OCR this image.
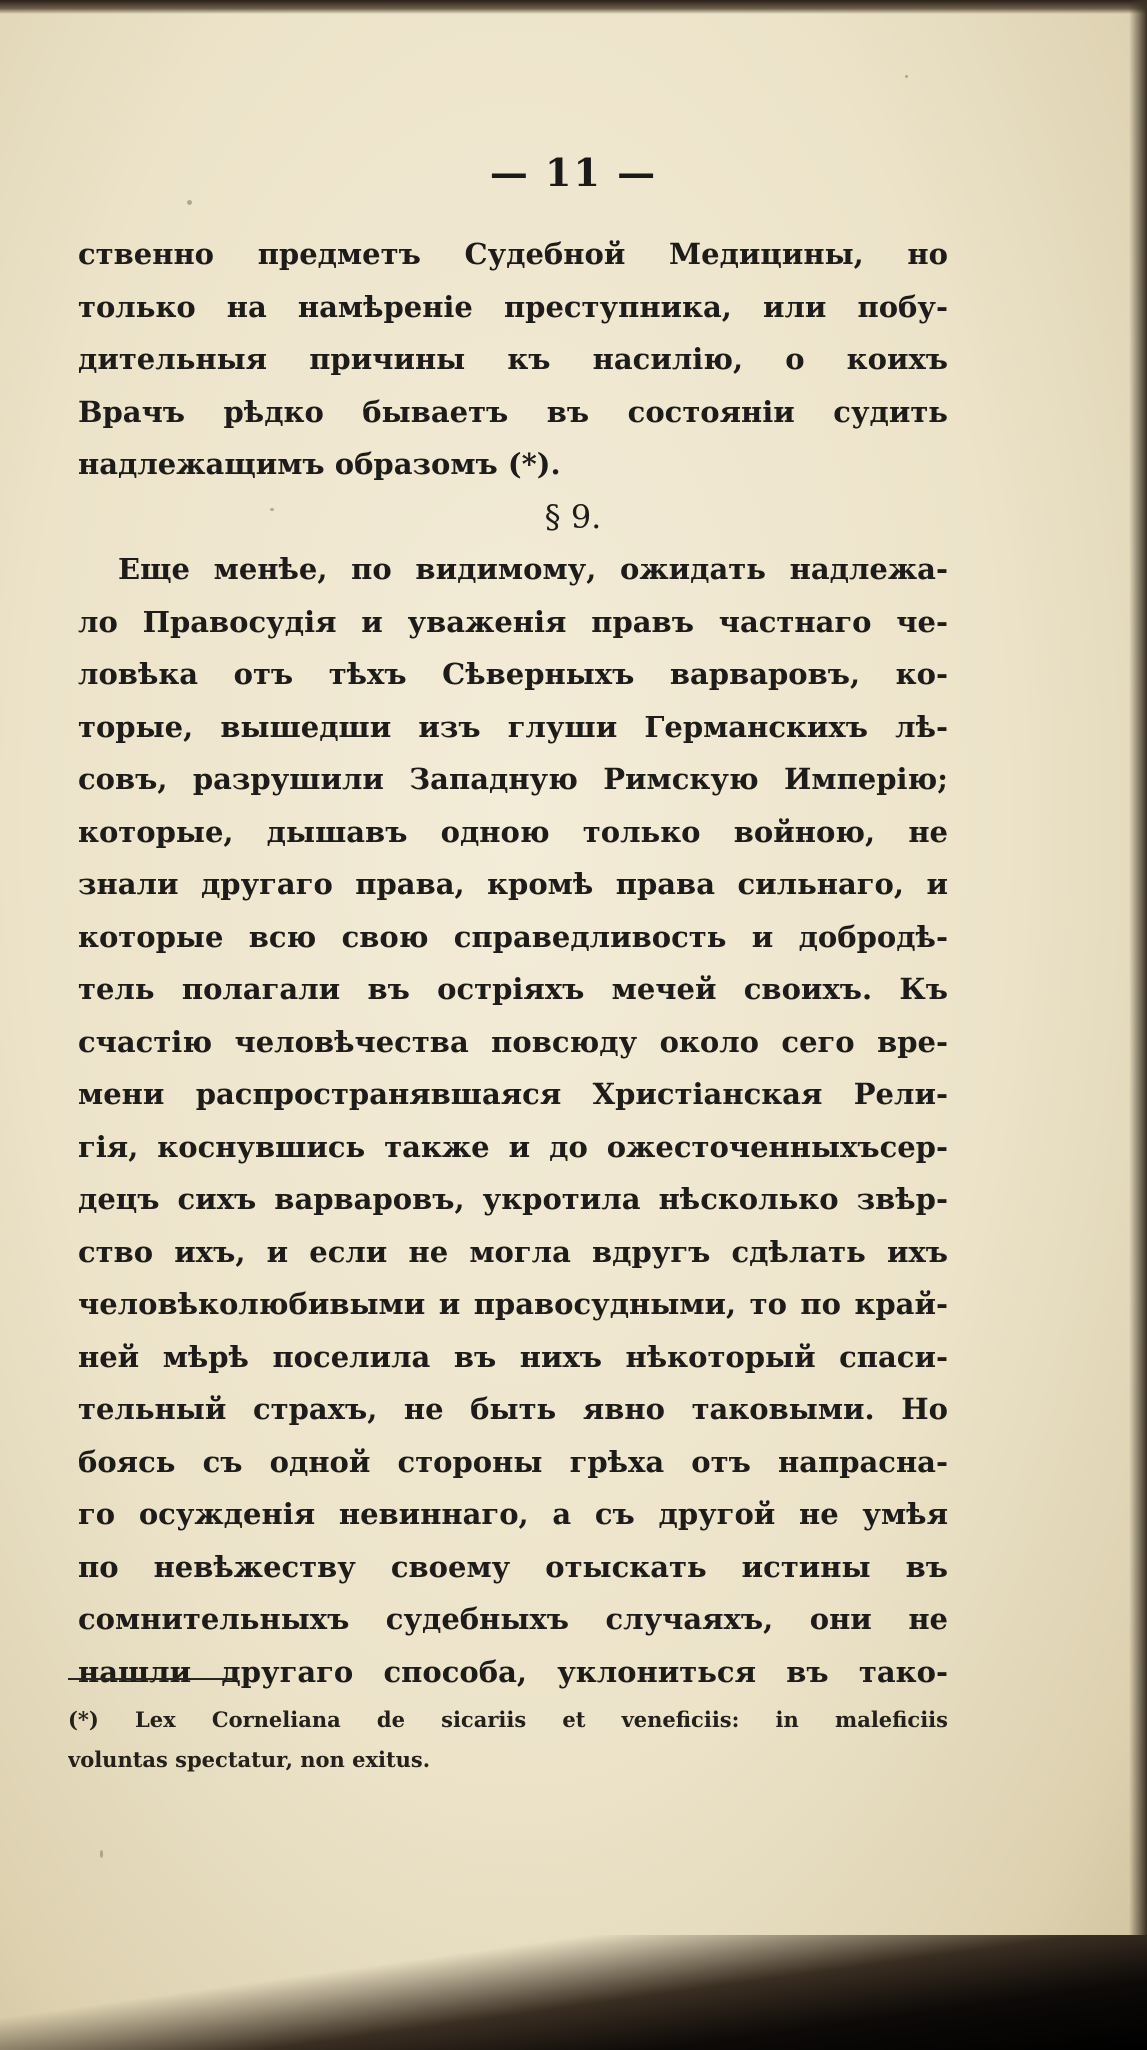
— 11 —
ственно предметъ Судебной Медицины, но
только на намѣреніе преступника, или побу-
дительныя причины къ насилію, о коихъ
Врачъ рѣдко бываетъ въ состояніи судить
надлежащимъ образомъ (*).
§ 9.
Еще менѣе, по видимому, ожидать надлежа-
ло Правосудія и уваженія правъ частнаго че-
ловѣка отъ тѣхъ Сѣверныхъ варваровъ, ко-
торые, вышедши изъ глуши Германскихъ лѣ-
совъ, разрушили Западную Римскую Имперію;
которые, дышавъ одною только войною, не
знали другаго права, кромѣ права сильнаго, и
которые всю свою справедливость и добродѣ-
тель полагали въ остріяхъ мечей своихъ. Къ
счастію человѣчества повсюду около сего вре-
мени распространявшаяся Христіанская Рели-
гія, коснувшись также и до ожесточенныхъсер-
децъ сихъ варваровъ, укротила нѣсколько звѣр-
ство ихъ, и если не могла вдругъ сдѣлать ихъ
человѣколюбивыми и правосудными, то по край-
ней мѣрѣ поселила въ нихъ нѣкоторый спаси-
тельный страхъ, не быть явно таковыми. Но
боясь съ одной стороны грѣха отъ напрасна-
го осужденія невиннаго, а съ другой не умѣя
по невѣжеству своему отыскать истины въ
сомнительныхъ судебныхъ случаяхъ, они не
нашли другаго способа, уклониться въ тако-
(*) Lex Corneliana de sicariis et veneficiis: in maleficiis
voluntas spectatur, non exitus.
